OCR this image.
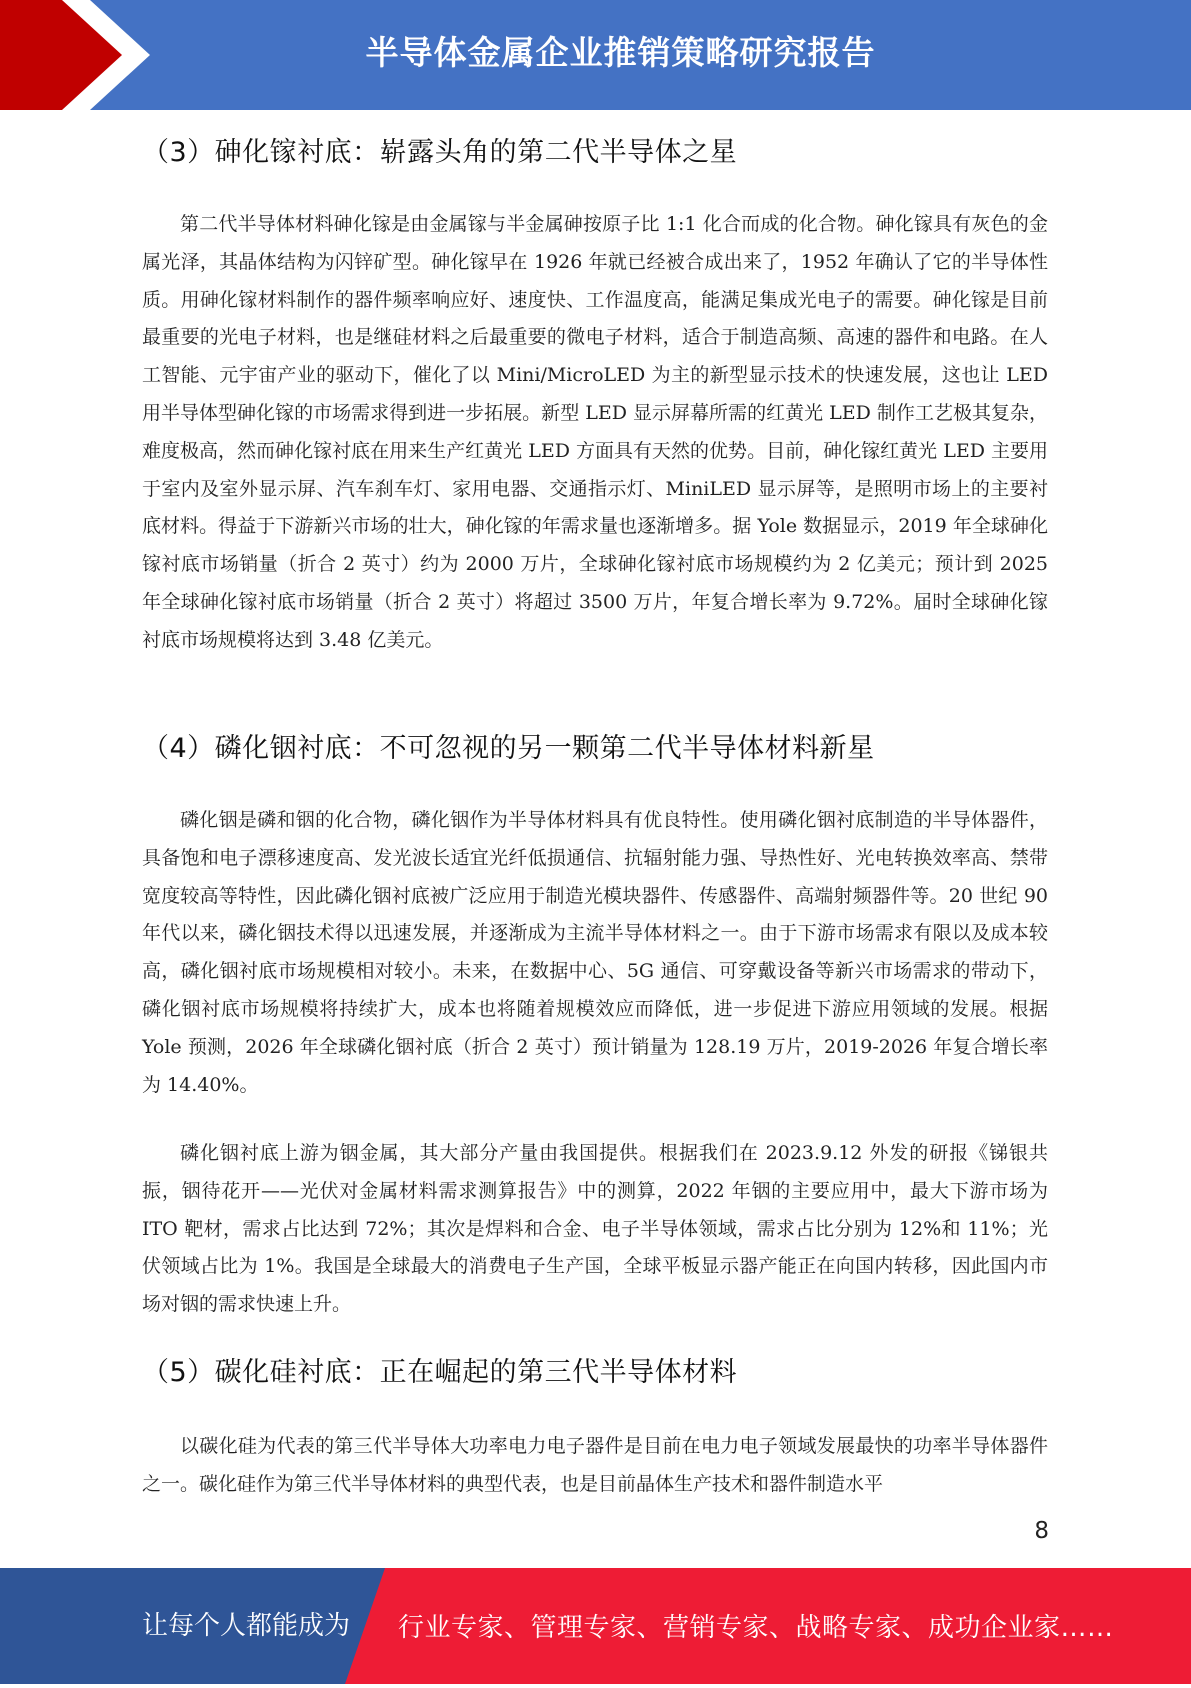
半导体金属企业推销策略研究报告
（3）砷化镓衬底：崭露头角的第二代半导体之星

第二代半导体材料砷化镓是由金属镓与半金属砷按原子比 1:1 化合而成的化合物。砷化镓具有灰色的金属光泽，其晶体结构为闪锌矿型。砷化镓早在 1926 年就已经被合成出来了，1952 年确认了它的半导体性质。用砷化镓材料制作的器件频率响应好、速度快、工作温度高，能满足集成光电子的需要。砷化镓是目前最重要的光电子材料，也是继硅材料之后最重要的微电子材料，适合于制造高频、高速的器件和电路。在人工智能、元宇宙产业的驱动下，催化了以 Mini/MicroLED 为主的新型显示技术的快速发展，这也让 LED 用半导体型砷化镓的市场需求得到进一步拓展。新型 LED 显示屏幕所需的红黄光 LED 制作工艺极其复杂，难度极高，然而砷化镓衬底在用来生产红黄光 LED 方面具有天然的优势。目前，砷化镓红黄光 LED 主要用于室内及室外显示屏、汽车刹车灯、家用电器、交通指示灯、MiniLED 显示屏等，是照明市场上的主要衬底材料。得益于下游新兴市场的壮大，砷化镓的年需求量也逐渐增多。据 Yole 数据显示，2019 年全球砷化镓衬底市场销量（折合 2 英寸）约为 2000 万片，全球砷化镓衬底市场规模约为 2 亿美元；预计到 2025 年全球砷化镓衬底市场销量（折合 2 英寸）将超过 3500 万片，年复合增长率为 9.72%。届时全球砷化镓衬底市场规模将达到 3.48 亿美元。

（4）磷化铟衬底：不可忽视的另一颗第二代半导体材料新星

磷化铟是磷和铟的化合物，磷化铟作为半导体材料具有优良特性。使用磷化铟衬底制造的半导体器件，具备饱和电子漂移速度高、发光波长适宜光纤低损通信、抗辐射能力强、导热性好、光电转换效率高、禁带宽度较高等特性，因此磷化铟衬底被广泛应用于制造光模块器件、传感器件、高端射频器件等。20 世纪 90 年代以来，磷化铟技术得以迅速发展，并逐渐成为主流半导体材料之一。由于下游市场需求有限以及成本较高，磷化铟衬底市场规模相对较小。未来，在数据中心、5G 通信、可穿戴设备等新兴市场需求的带动下，磷化铟衬底市场规模将持续扩大，成本也将随着规模效应而降低，进一步促进下游应用领域的发展。根据 Yole 预测，2026 年全球磷化铟衬底（折合 2 英寸）预计销量为 128.19 万片，2019-2026 年复合增长率为 14.40%。

磷化铟衬底上游为铟金属，其大部分产量由我国提供。根据我们在 2023.9.12 外发的研报《锑银共振，铟待花开——光伏对金属材料需求测算报告》中的测算，2022 年铟的主要应用中，最大下游市场为 ITO 靶材，需求占比达到 72%；其次是焊料和合金、电子半导体领域，需求占比分别为 12%和 11%；光伏领域占比为 1%。我国是全球最大的消费电子生产国，全球平板显示器产能正在向国内转移，因此国内市场对铟的需求快速上升。

（5）碳化硅衬底：正在崛起的第三代半导体材料

以碳化硅为代表的第三代半导体大功率电力电子器件是目前在电力电子领域发展最快的功率半导体器件之一。碳化硅作为第三代半导体材料的典型代表，也是目前晶体生产技术和器件制造水平

8
让每个人都能成为 行业专家、管理专家、营销专家、战略专家、成功企业家……
